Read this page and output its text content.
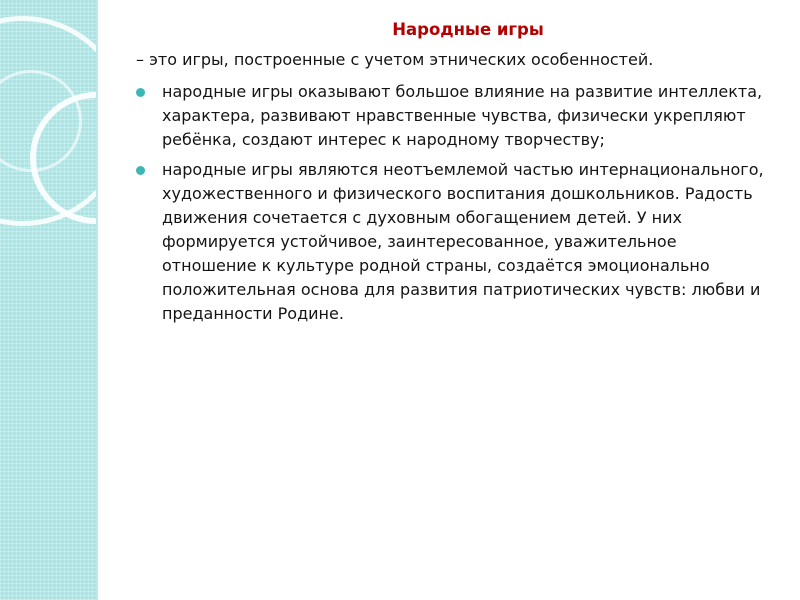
Народные игры

– это игры, построенные с учетом этнических особенностей.

народные игры оказывают большое влияние на развитие интеллекта, характера, развивают нравственные чувства, физически укрепляют ребёнка, создают интерес к народному творчеству;
народные игры являются неотъемлемой частью интернационального, художественного и физического воспитания дошкольников. Радость движения сочетается с духовным обогащением детей. У них формируется устойчивое, заинтересованное, уважительное отношение к культуре родной страны, создаётся эмоционально положительная основа для развития патриотических чувств: любви и преданности Родине.
